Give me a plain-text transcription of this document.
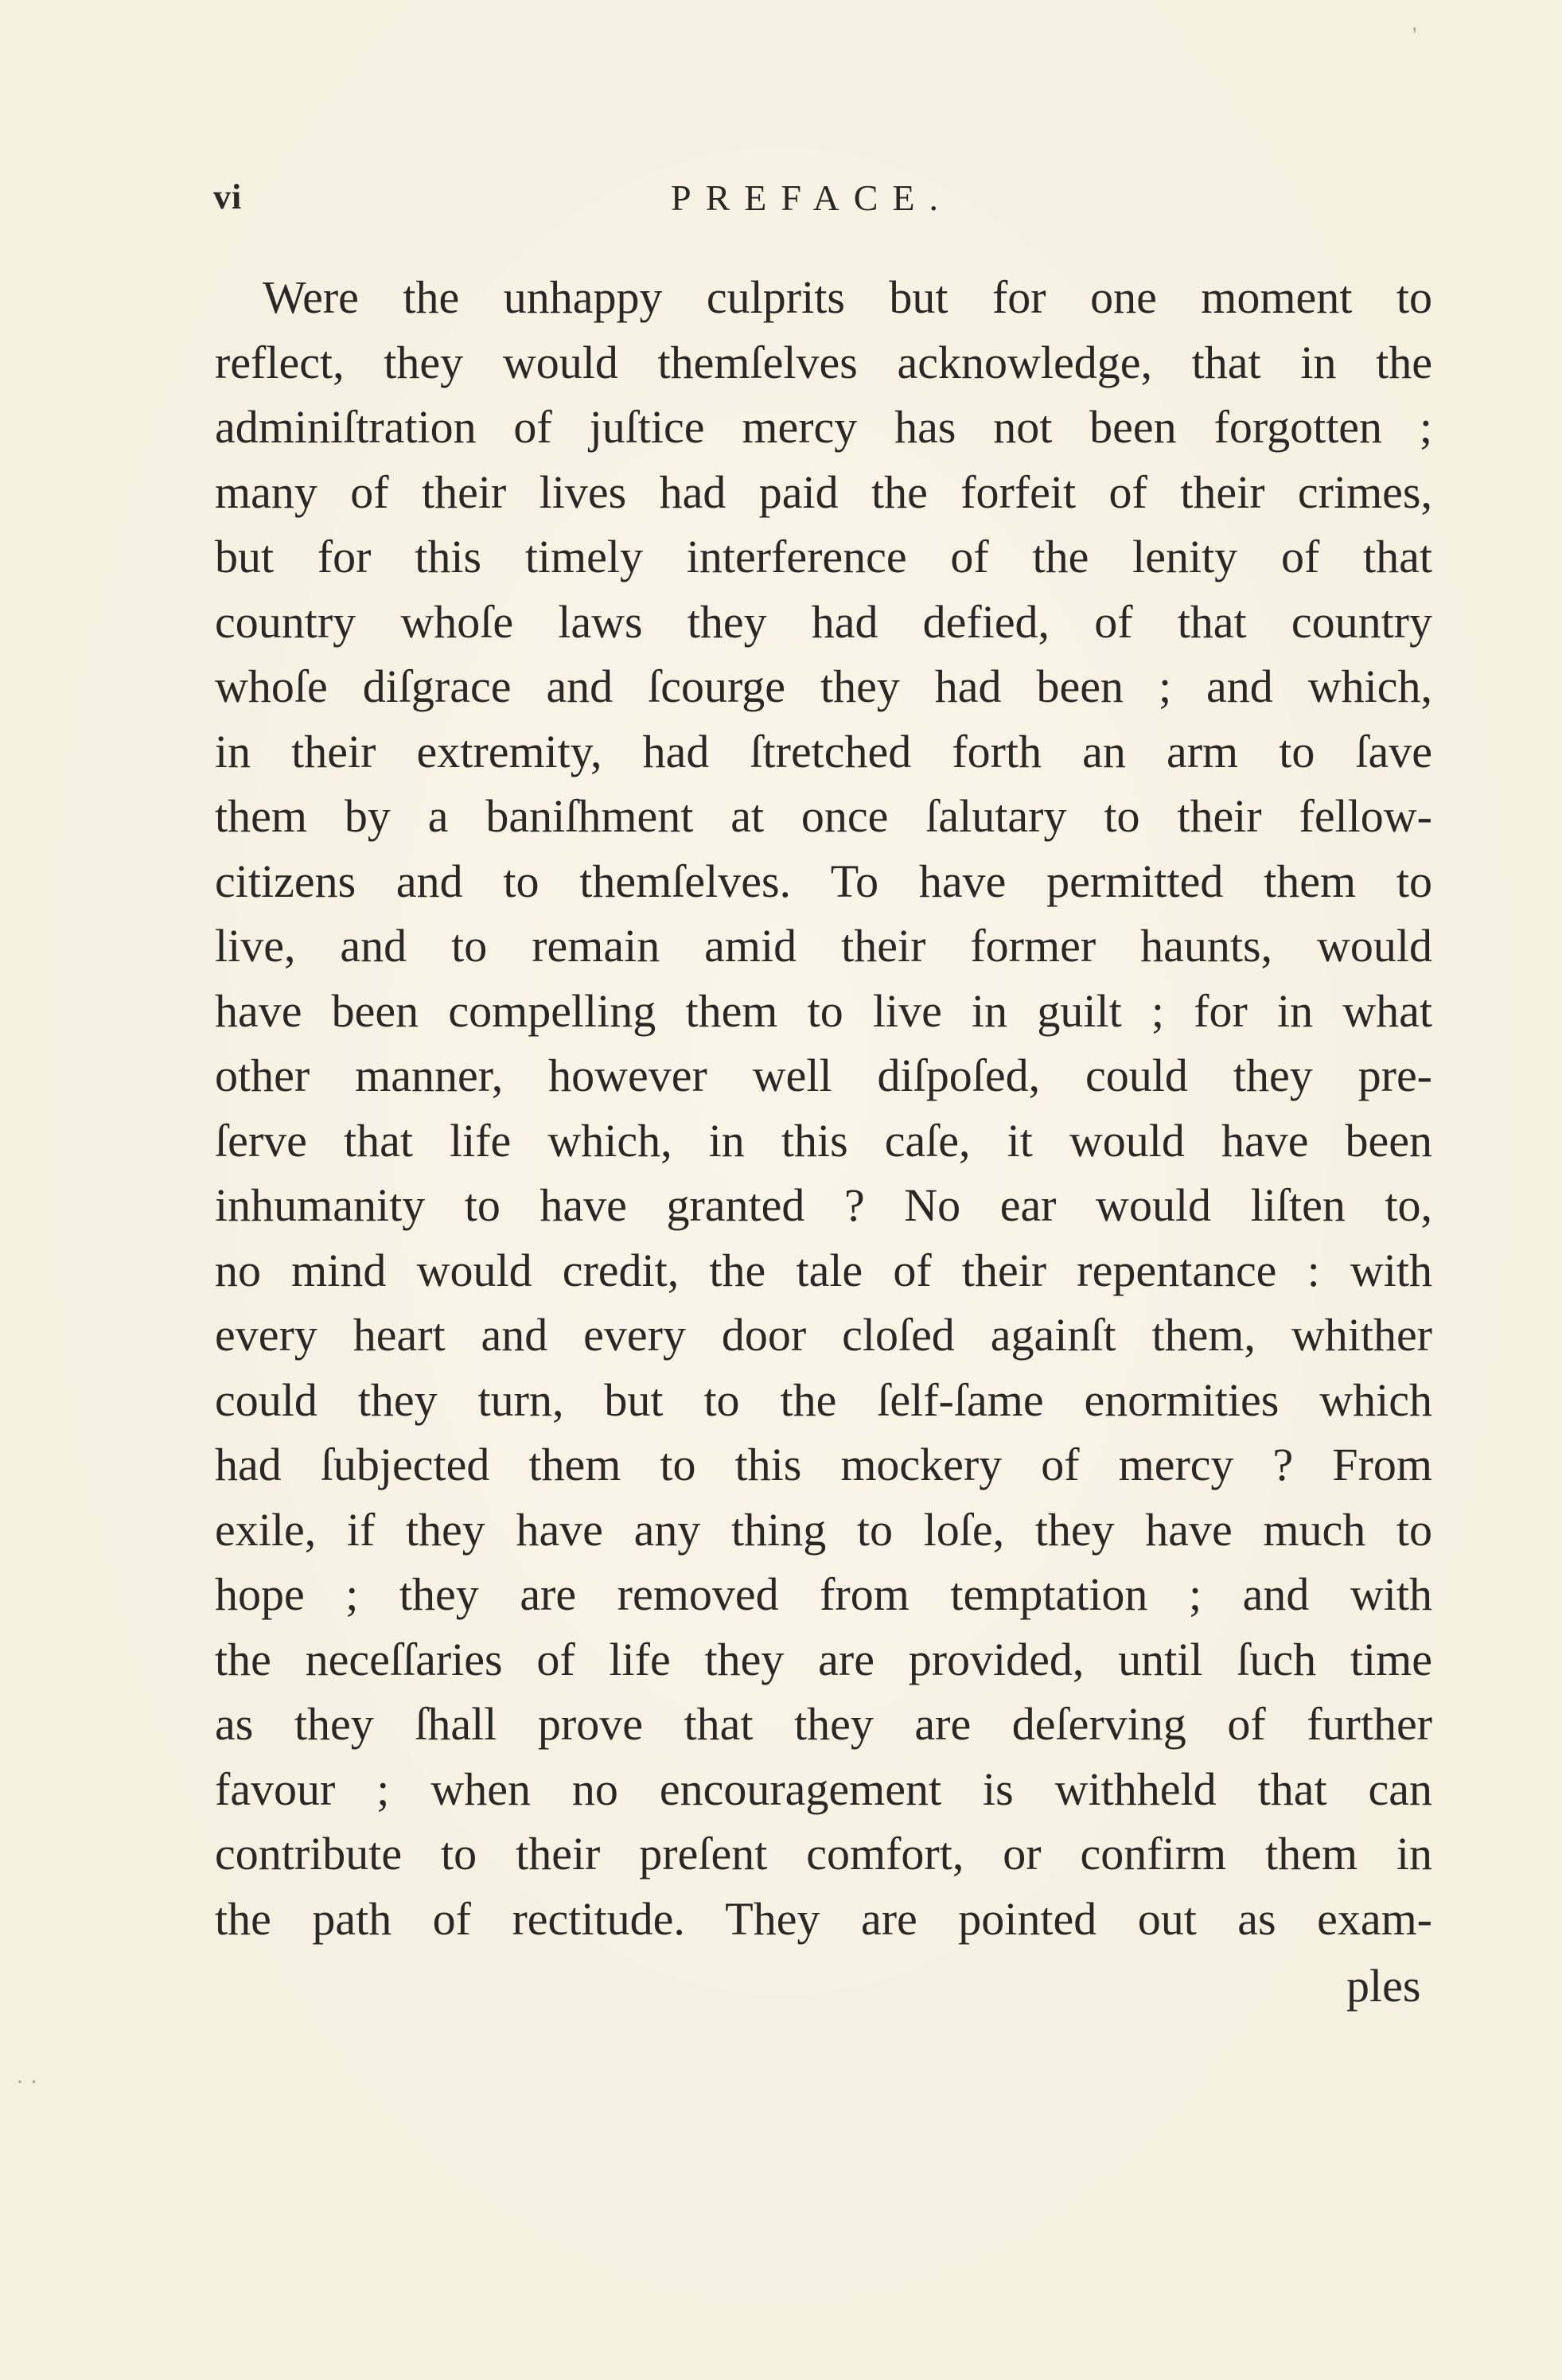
vi	PREFACE.
Were the unhappy culprits but for one moment to
reflect, they would themſelves acknowledge, that in the
adminiſtration of juſtice mercy has not been forgotten ;
many of their lives had paid the forfeit of their crimes,
but for this timely interference of the lenity of that
country whoſe laws they had defied, of that country
whoſe diſgrace and ſcourge they had been ; and which,
in their extremity, had ſtretched forth an arm to ſave
them by a baniſhment at once ſalutary to their fellow-
citizens and to themſelves. To have permitted them to
live, and to remain amid their former haunts, would
have been compelling them to live in guilt ; for in what
other manner, however well diſpoſed, could they pre-
ſerve that life which, in this caſe, it would have been
inhumanity to have granted ? No ear would liſten to,
no mind would credit, the tale of their repentance : with
every heart and every door cloſed againſt them, whither
could they turn, but to the ſelf-ſame enormities which
had ſubjected them to this mockery of mercy ? From
exile, if they have any thing to loſe, they have much to
hope ; they are removed from temptation ; and with
the neceſſaries of life they are provided, until ſuch time
as they ſhall prove that they are deſerving of further
favour ; when no encouragement is withheld that can
contribute to their preſent comfort, or confirm them in
the path of rectitude. They are pointed out as exam-
ples
'
· ·
